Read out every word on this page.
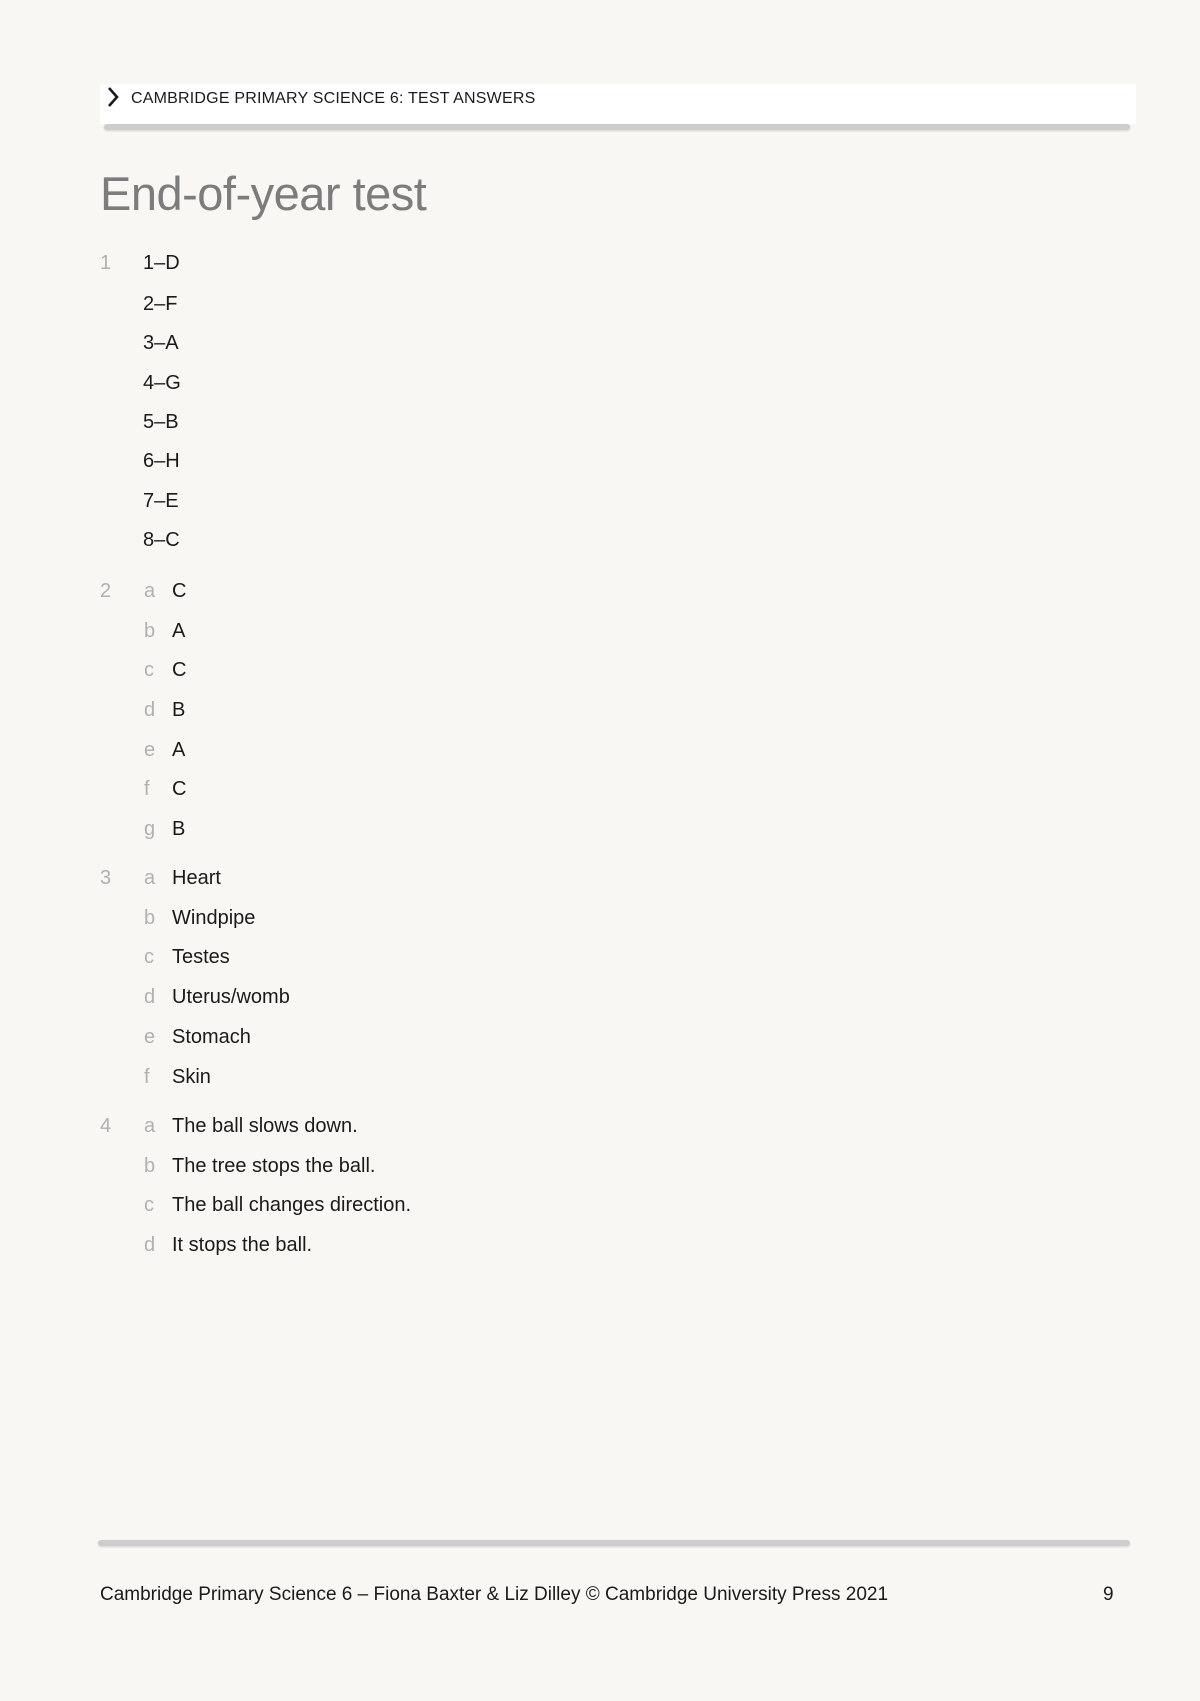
CAMBRIDGE PRIMARY SCIENCE 6: TEST ANSWERS
End-of-year test
1	1–D
2–F
3–A
4–G
5–B
6–H
7–E
8–C
2	a C
b A
c C
d B
e A
f	C
g B
3	a Heart
b Windpipe
c Testes
d Uterus/womb
e Stomach
f	Skin
4	a The ball slows down.
b The tree stops the ball.
c The ball changes direction.
d It stops the ball.
Cambridge Primary Science 6 – Fiona Baxter & Liz Dilley © Cambridge University Press 2021	9
